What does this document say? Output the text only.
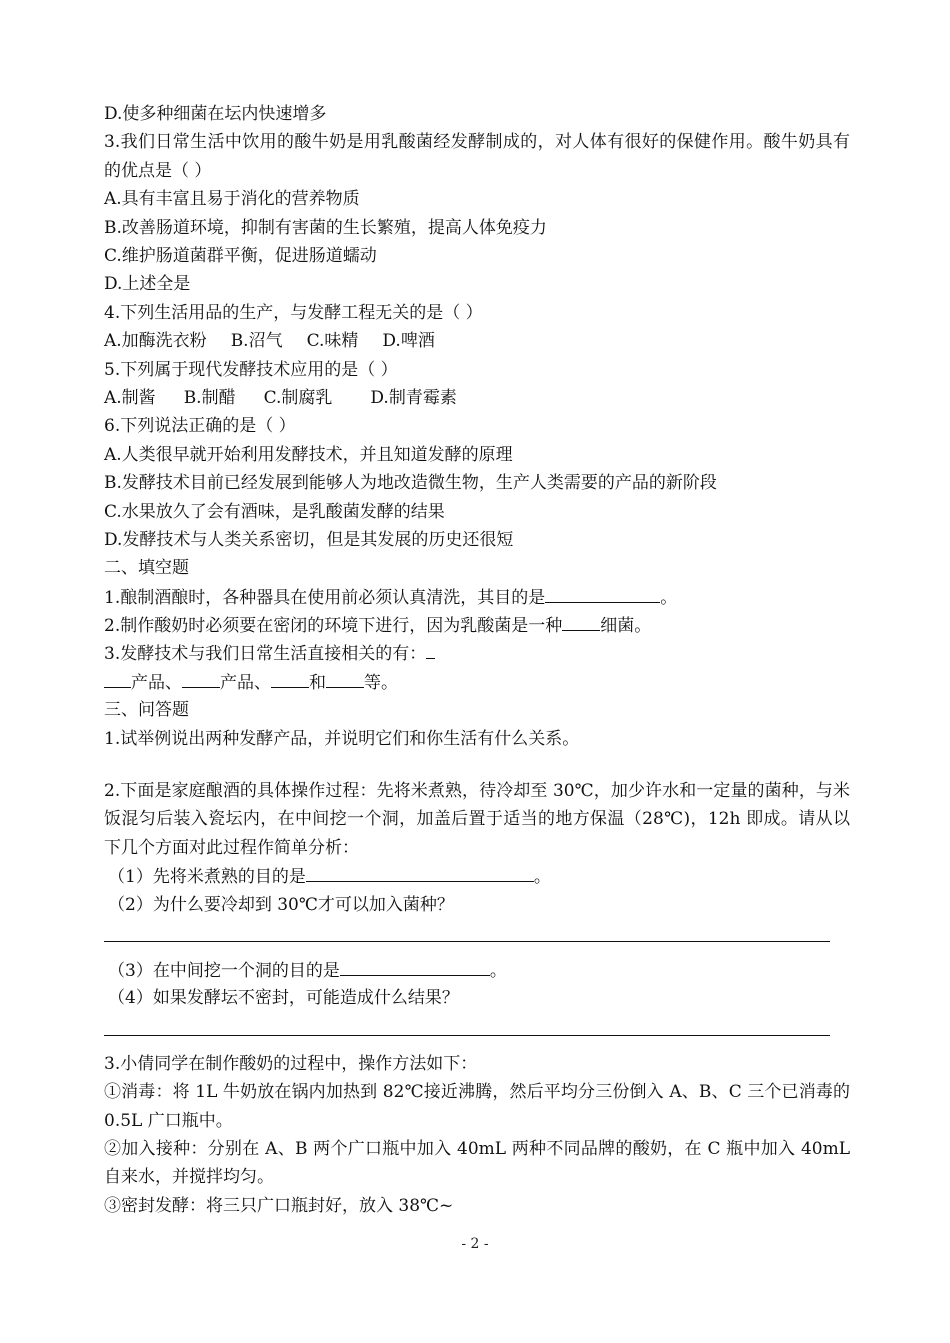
D.使多种细菌在坛内快速增多
3.我们日常生活中饮用的酸牛奶是用乳酸菌经发酵制成的，对人体有很好的保健作用。酸牛奶具有的优点是（ ）
A.具有丰富且易于消化的营养物质
B.改善肠道环境，抑制有害菌的生长繁殖，提高人体免疫力
C.维护肠道菌群平衡，促进肠道蠕动
D.上述全是
4.下列生活用品的生产，与发酵工程无关的是（ ）
A.加酶洗衣粉 B.沼气 C.味精 D.啤酒
5.下列属于现代发酵技术应用的是（ ）
A.制酱 B.制醋 C.制腐乳 D.制青霉素
6.下列说法正确的是（ ）
A.人类很早就开始利用发酵技术，并且知道发酵的原理
B.发酵技术目前已经发展到能够人为地改造微生物，生产人类需要的产品的新阶段
C.水果放久了会有酒味，是乳酸菌发酵的结果
D.发酵技术与人类关系密切，但是其发展的历史还很短
二、填空题
1.酿制酒酿时，各种器具在使用前必须认真清洗，其目的是	。
2.制作酸奶时必须要在密闭的环境下进行，因为乳酸菌是一种 细菌。
3.发酵技术与我们日常生活直接相关的有：
产品、 产品、 和 等。
三、问答题
1.试举例说出两种发酵产品，并说明它们和你生活有什么关系。
2.下面是家庭酿酒的具体操作过程：先将米煮熟，待冷却至 30℃，加少许水和一定量的菌种，与米饭混匀后装入瓷坛内，在中间挖一个洞，加盖后置于适当的地方保温（28℃)，12h 即成。请从以下几个方面对此过程作简单分析：
（1）先将米煮熟的目的是	。
（2）为什么要冷却到 30℃才可以加入菌种？
（3）在中间挖一个洞的目的是	。
（4）如果发酵坛不密封，可能造成什么结果？
3.小倩同学在制作酸奶的过程中，操作方法如下：
①消毒：将 1L 牛奶放在锅内加热到 82℃接近沸腾，然后平均分三份倒入 A、B、C 三个已消毒的 0.5L 广口瓶中。
②加入接种：分别在 A、B 两个广口瓶中加入 40mL 两种不同品牌的酸奶，在 C 瓶中加入 40mL 自来水，并搅拌均匀。
③密封发酵：将三只广口瓶封好，放入 38℃~
- 2 -
